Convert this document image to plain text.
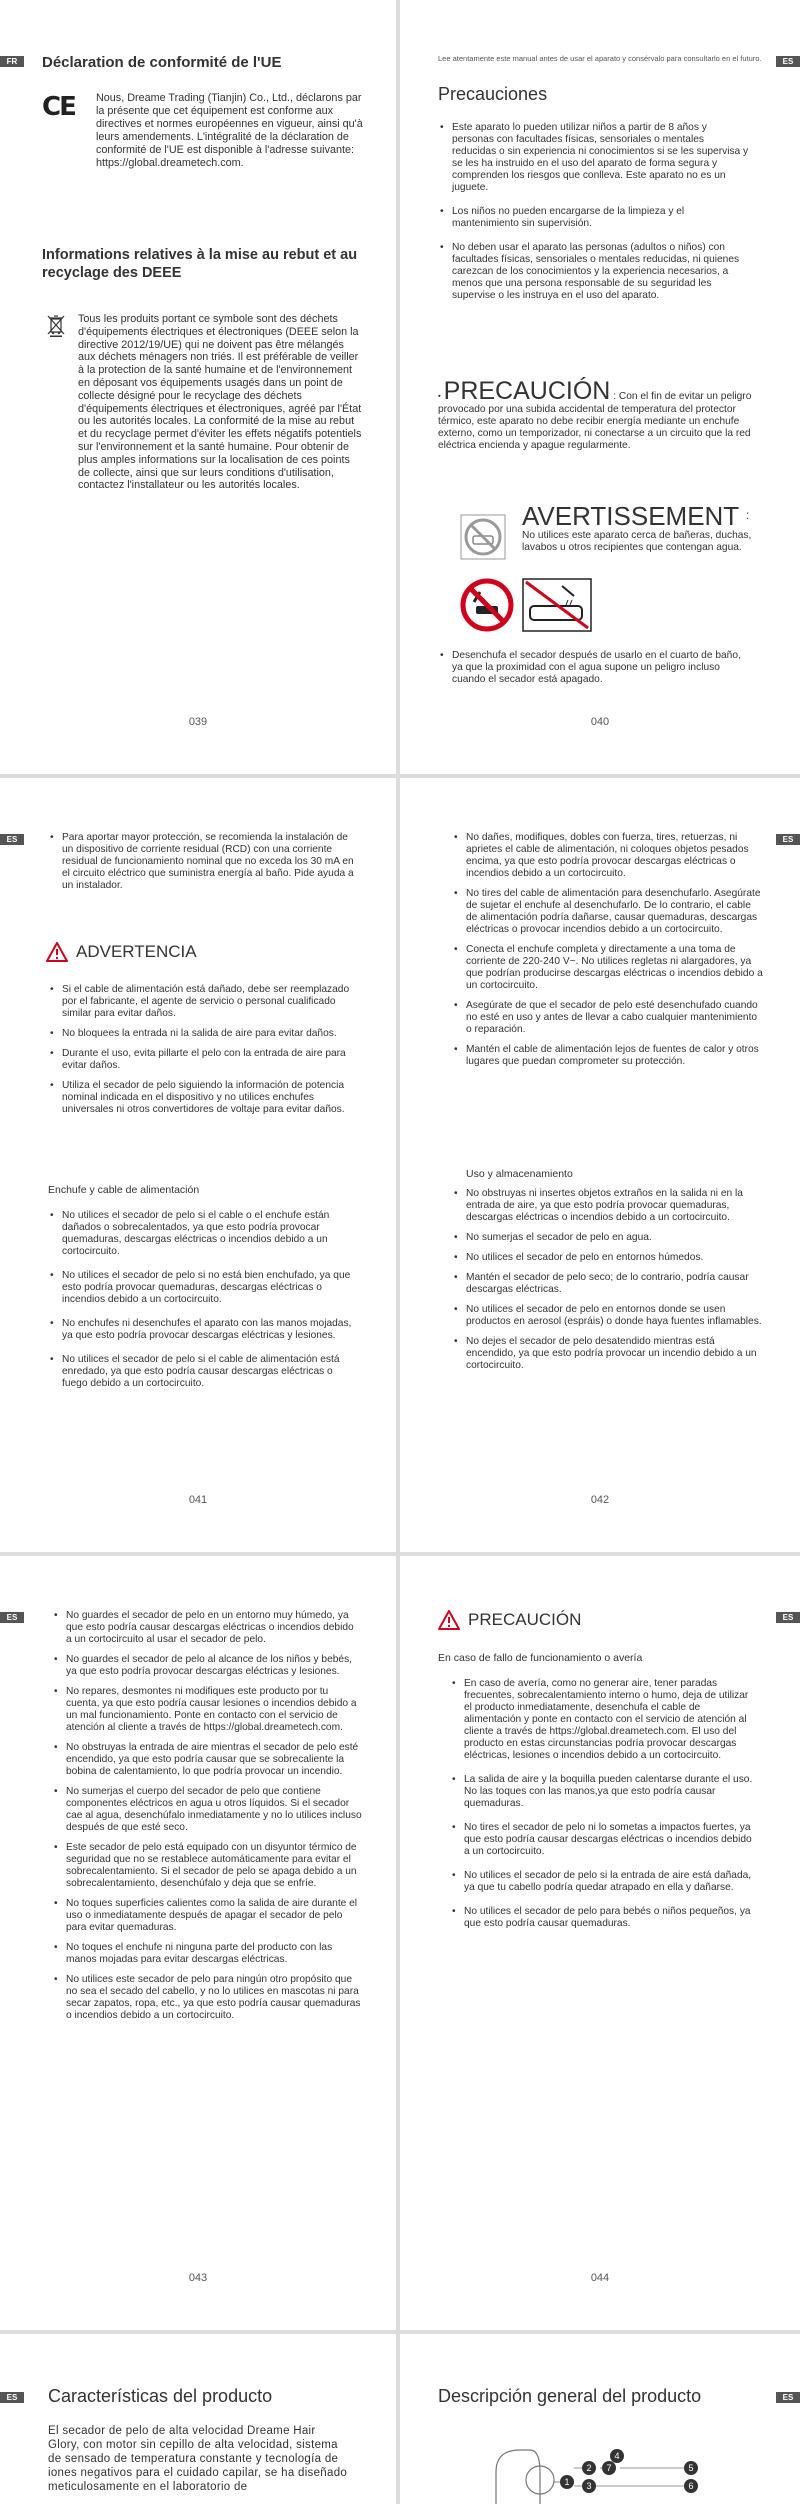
FR	Déclaration de conformité de l'UE
CE Nous, Dreame Trading (Tianjin) Co., Ltd., déclarons par la présente que cet équipement est conforme aux directives et normes européennes en vigueur, ainsi qu'à leurs amendements. L'intégralité de la déclaration de conformité de l'UE est disponible à l'adresse suivante: https://global.dreametech.com.
Informations relatives à la mise au rebut et au recyclage des DEEE
Tous les produits portant ce symbole sont des déchets d'équipements électriques et électroniques (DEEE selon la directive 2012/19/UE) qui ne doivent pas être mélangés aux déchets ménagers non triés. Il est préférable de veiller à la protection de la santé humaine et de l'environnement en déposant vos équipements usagés dans un point de collecte désigné pour le recyclage des déchets d'équipements électriques et électroniques, agréé par l'État ou les autorités locales. La conformité de la mise au rebut et du recyclage permet d'éviter les effets négatifs potentiels sur l'environnement et la santé humaine. Pour obtenir de plus amples informations sur la localisation de ces points de collecte, ainsi que sur leurs conditions d'utilisation, contactez l'installateur ou les autorités locales.
039
ES
Lee atentamente este manual antes de usar el aparato y consérvalo para consultarlo en el futuro.
Precauciones
• Este aparato lo pueden utilizar niños a partir de 8 años y personas con facultades físicas, sensoriales o mentales reducidas o sin experiencia ni conocimientos si se les supervisa y se les ha instruido en el uso del aparato de forma segura y comprenden los riesgos que conlleva. Este aparato no es un juguete.
• Los niños no pueden encargarse de la limpieza y el mantenimiento sin supervisión.
• No deben usar el aparato las personas (adultos o niños) con facultades físicas, sensoriales o mentales reducidas, ni quienes carezcan de los conocimientos y la experiencia necesarios, a menos que una persona responsable de su seguridad les supervise o les instruya en el uso del aparato.
• PRECAUCIÓN : Con el fin de evitar un peligro provocado por una subida accidental de temperatura del protector térmico, este aparato no debe recibir energía mediante un enchufe externo, como un temporizador, ni conectarse a un circuito que la red eléctrica encienda y apague regularmente.
AVERTISSEMENT :
No utilices este aparato cerca de bañeras, duchas, lavabos u otros recipientes que contengan agua.
• Desenchufa el secador después de usarlo en el cuarto de baño, ya que la proximidad con el agua supone un peligro incluso cuando el secador está apagado.
040
ES	• Para aportar mayor protección, se recomienda la instalación de un dispositivo de corriente residual (RCD) con una corriente residual de funcionamiento nominal que no exceda los 30 mA en el circuito eléctrico que suministra energía al baño. Pide ayuda a un instalador.
ADVERTENCIA
• Si el cable de alimentación está dañado, debe ser reemplazado por el fabricante, el agente de servicio o personal cualificado similar para evitar daños.
• No bloquees la entrada ni la salida de aire para evitar daños.
• Durante el uso, evita pillarte el pelo con la entrada de aire para evitar daños.
• Utiliza el secador de pelo siguiendo la información de potencia nominal indicada en el dispositivo y no utilices enchufes universales ni otros convertidores de voltaje para evitar daños.
Enchufe y cable de alimentación
• No utilices el secador de pelo si el cable o el enchufe están dañados o sobrecalentados, ya que esto podría provocar quemaduras, descargas eléctricas o incendios debido a un cortocircuito.
• No utilices el secador de pelo si no está bien enchufado, ya que esto podría provocar quemaduras, descargas eléctricas o incendios debido a un cortocircuito.
• No enchufes ni desenchufes el aparato con las manos mojadas, ya que esto podría provocar descargas eléctricas y lesiones.
• No utilices el secador de pelo si el cable de alimentación está enredado, ya que esto podría causar descargas eléctricas o fuego debido a un cortocircuito.
041
ES
• No dañes, modifiques, dobles con fuerza, tires, retuerzas, ni aprietes el cable de alimentación, ni coloques objetos pesados encima, ya que esto podría provocar descargas eléctricas o incendios debido a un cortocircuito.
• No tires del cable de alimentación para desenchufarlo. Asegúrate de sujetar el enchufe al desenchufarlo. De lo contrario, el cable de alimentación podría dañarse, causar quemaduras, descargas eléctricas o provocar incendios debido a un cortocircuito.
• Conecta el enchufe completa y directamente a una toma de corriente de 220-240 V~. No utilices regletas ni alargadores, ya que podrían producirse descargas eléctricas o incendios debido a un cortocircuito.
• Asegúrate de que el secador de pelo esté desenchufado cuando no esté en uso y antes de llevar a cabo cualquier mantenimiento o reparación.
• Mantén el cable de alimentación lejos de fuentes de calor y otros lugares que puedan comprometer su protección.
Uso y almacenamiento
• No obstruyas ni insertes objetos extraños en la salida ni en la entrada de aire, ya que esto podría provocar quemaduras, descargas eléctricas o incendios debido a un cortocircuito.
• No sumerjas el secador de pelo en agua.
• No utilices el secador de pelo en entornos húmedos.
• Mantén el secador de pelo seco; de lo contrario, podría causar descargas eléctricas.
• No utilices el secador de pelo en entornos donde se usen productos en aerosol (espráis) o donde haya fuentes inflamables.
• No dejes el secador de pelo desatendido mientras está encendido, ya que esto podría provocar un incendio debido a un cortocircuito.
042
ES	• No guardes el secador de pelo en un entorno muy húmedo, ya que esto podría causar descargas eléctricas o incendios debido a un cortocircuito al usar el secador de pelo.
• No guardes el secador de pelo al alcance de los niños y bebés, ya que esto podría provocar descargas eléctricas y lesiones.
• No repares, desmontes ni modifiques este producto por tu cuenta, ya que esto podría causar lesiones o incendios debido a un mal funcionamiento. Ponte en contacto con el servicio de atención al cliente a través de https://global.dreametech.com.
• No obstruyas la entrada de aire mientras el secador de pelo esté encendido, ya que esto podría causar que se sobrecaliente la bobina de calentamiento, lo que podría provocar un incendio.
• No sumerjas el cuerpo del secador de pelo que contiene componentes eléctricos en agua u otros líquidos. Si el secador cae al agua, desenchúfalo inmediatamente y no lo utilices incluso después de que esté seco.
• Este secador de pelo está equipado con un disyuntor térmico de seguridad que no se restablece automáticamente para evitar el sobrecalentamiento. Si el secador de pelo se apaga debido a un sobrecalentamiento, desenchúfalo y deja que se enfríe.
• No toques superficies calientes como la salida de aire durante el uso o inmediatamente después de apagar el secador de pelo para evitar quemaduras.
• No toques el enchufe ni ninguna parte del producto con las manos mojadas para evitar descargas eléctricas.
• No utilices este secador de pelo para ningún otro propósito que no sea el secado del cabello, y no lo utilices en mascotas ni para secar zapatos, ropa, etc., ya que esto podría causar quemaduras o incendios debido a un cortocircuito.
043
ES
PRECAUCIÓN
En caso de fallo de funcionamiento o avería
• En caso de avería, como no generar aire, tener paradas frecuentes, sobrecalentamiento interno o humo, deja de utilizar el producto inmediatamente, desenchufa el cable de alimentación y ponte en contacto con el servicio de atención al cliente a través de https://global.dreametech.com. El uso del producto en estas circunstancias podría provocar descargas eléctricas, lesiones o incendios debido a un cortocircuito.
• La salida de aire y la boquilla pueden calentarse durante el uso. No las toques con las manos,ya que esto podría causar quemaduras.
• No tires el secador de pelo ni lo sometas a impactos fuertes, ya que esto podría causar descargas eléctricas o incendios debido a un cortocircuito.
• No utilices el secador de pelo si la entrada de aire está dañada, ya que tu cabello podría quedar atrapado en ella y dañarse.
• No utilices el secador de pelo para bebés o niños pequeños, ya que esto podría causar quemaduras.
044
ES	Características del producto
El secador de pelo de alta velocidad Dreame Hair Glory, con motor sin cepillo de alta velocidad, sistema de sensado de temperatura constante y tecnología de iones negativos para el cuidado capilar, se ha diseñado meticulosamente en el laboratorio de
ES
Descripción general del producto
1
2
3
4
5
6
7
